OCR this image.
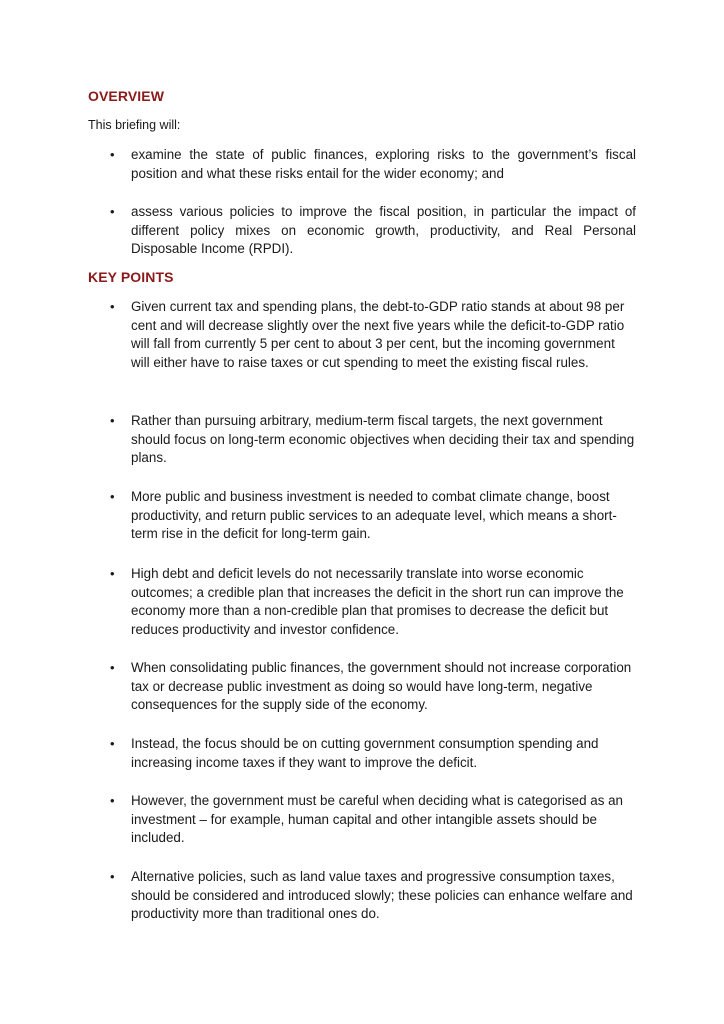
OVERVIEW

This briefing will:

• examine the state of public finances, exploring risks to the government’s fiscal position and what these risks entail for the wider economy; and

• assess various policies to improve the fiscal position, in particular the impact of different policy mixes on economic growth, productivity, and Real Personal Disposable Income (RPDI).

KEY POINTS
• Given current tax and spending plans, the debt-to-GDP ratio stands at about 98 per cent and will decrease slightly over the next five years while the deficit-to-GDP ratio will fall from currently 5 per cent to about 3 per cent, but the incoming government will either have to raise taxes or cut spending to meet the existing fiscal rules.

• Rather than pursuing arbitrary, medium-term fiscal targets, the next government should focus on long-term economic objectives when deciding their tax and spending plans.

• More public and business investment is needed to combat climate change, boost productivity, and return public services to an adequate level, which means a short-term rise in the deficit for long-term gain.

• High debt and deficit levels do not necessarily translate into worse economic outcomes; a credible plan that increases the deficit in the short run can improve the economy more than a non-credible plan that promises to decrease the deficit but reduces productivity and investor confidence.

• When consolidating public finances, the government should not increase corporation tax or decrease public investment as doing so would have long-term, negative consequences for the supply side of the economy.

• Instead, the focus should be on cutting government consumption spending and increasing income taxes if they want to improve the deficit.

• However, the government must be careful when deciding what is categorised as an investment – for example, human capital and other intangible assets should be included.

• Alternative policies, such as land value taxes and progressive consumption taxes, should be considered and introduced slowly; these policies can enhance welfare and productivity more than traditional ones do.
